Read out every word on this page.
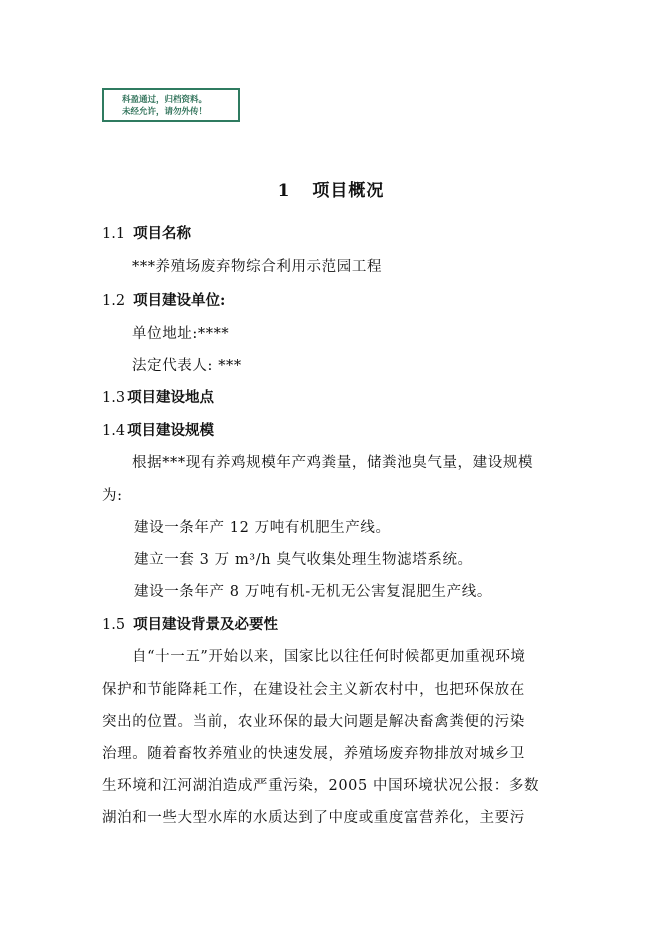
科盈通过，归档资料。
未经允许，请勿外传！
1 项目概况
1.1 项目名称
***养殖场废弃物综合利用示范园工程
1.2 项目建设单位:
单位地址:****
法定代表人: ***
1.3 项目建设地点
1.4 项目建设规模
根据***现有养鸡规模年产鸡粪量，储粪池臭气量，建设规模
为:
建设一条年产 12 万吨有机肥生产线。
建立一套 3 万 m³/h 臭气收集处理生物滤塔系统。
建设一条年产 8 万吨有机-无机无公害复混肥生产线。
1.5 项目建设背景及必要性
自“十一五”开始以来，国家比以往任何时候都更加重视环境
保护和节能降耗工作，在建设社会主义新农村中，也把环保放在
突出的位置。当前，农业环保的最大问题是解决畜禽粪便的污染
治理。随着畜牧养殖业的快速发展，养殖场废弃物排放对城乡卫
生环境和江河湖泊造成严重污染，2005 中国环境状况公报：多数
湖泊和一些大型水库的水质达到了中度或重度富营养化，主要污
